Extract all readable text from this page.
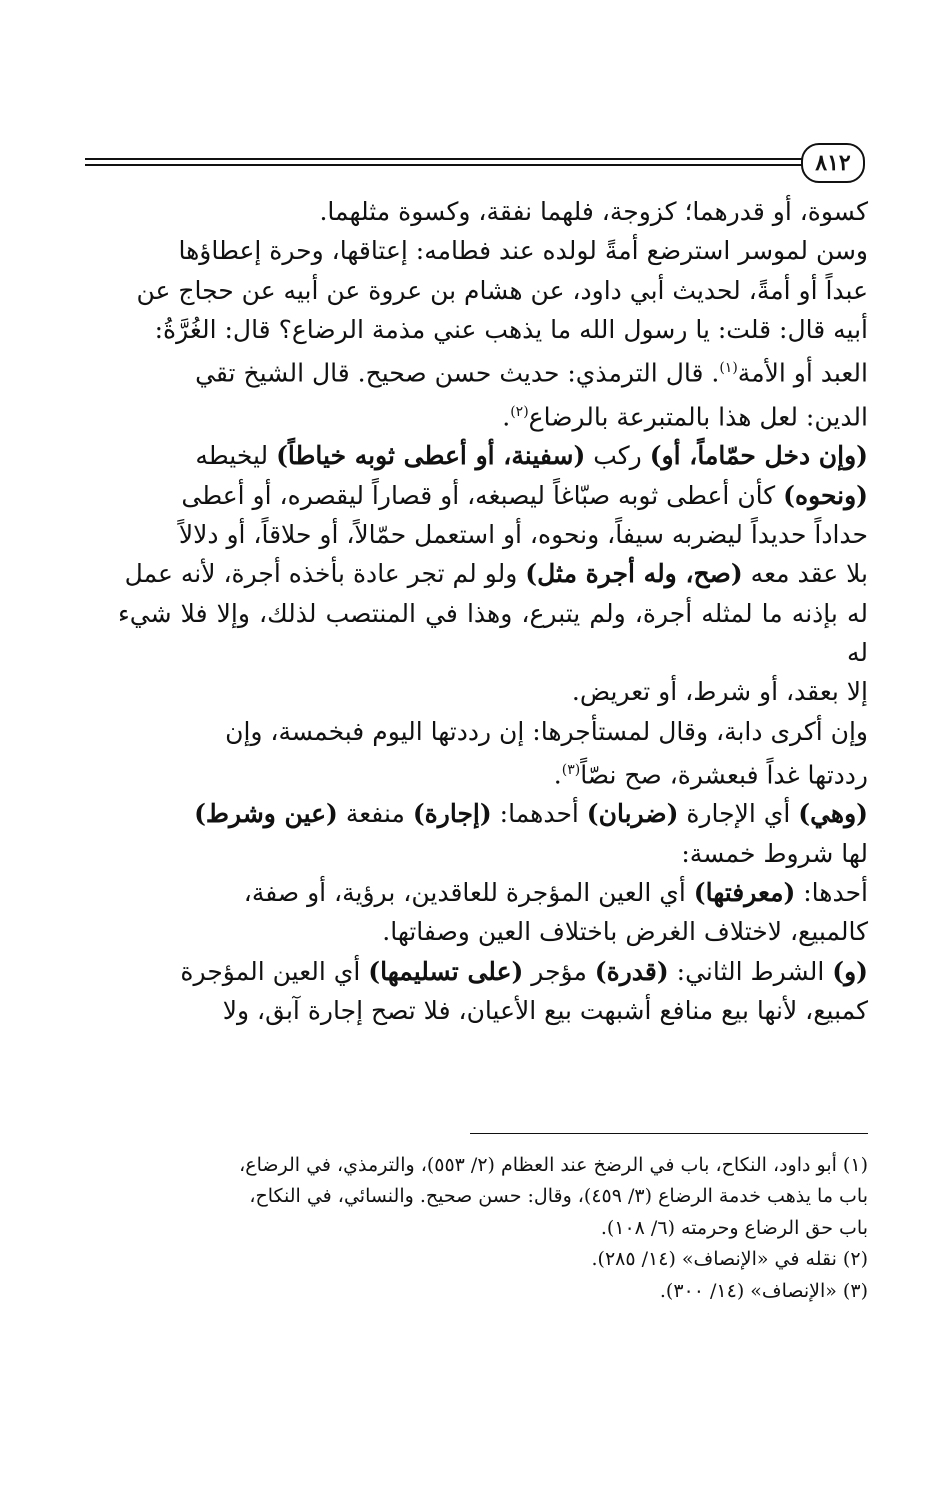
٨١٢

كسوة، أو قدرهما؛ كزوجة، فلهما نفقة، وكسوة مثلهما.

وسن لموسر استرضع أمةً لولده عند فطامه: إعتاقها، وحرة إعطاؤها

عبداً أو أمةً، لحديث أبي داود، عن هشام بن عروة عن أبيه عن حجاج عن

أبيه قال: قلت: يا رسول الله ما يذهب عني مذمة الرضاع؟ قال: الغُرَّةُ:

العبد أو الأمة$^{(١)}$. قال الترمذي: حديث حسن صحيح. قال الشيخ تقي

الدين: لعل هذا بالمتبرعة بالرضاع$^{(٢)}$.

(وإن دخل حمّاماً، أو) ركب (سفينة، أو أعطى ثوبه خياطاً) ليخيطه

(ونحوه) كأن أعطى ثوبه صبّاغاً ليصبغه، أو قصاراً ليقصره، أو أعطى

حداداً حديداً ليضربه سيفاً، ونحوه، أو استعمل حمّالاً، أو حلاقاً، أو دلالاً

بلا عقد معه (صح، وله أجرة مثل) ولو لم تجر عادة بأخذه أجرة، لأنه عمل

له بإذنه ما لمثله أجرة، ولم يتبرع، وهذا في المنتصب لذلك، وإلا فلا شيء له

إلا بعقد، أو شرط، أو تعريض.

وإن أكرى دابة، وقال لمستأجرها: إن رددتها اليوم فبخمسة، وإن

رددتها غداً فبعشرة، صح نصّاً$^{(٣)}$.

(وهي) أي الإجارة (ضربان) أحدهما: (إجارة) منفعة (عين وشرط)

لها شروط خمسة:

أحدها: (معرفتها) أي العين المؤجرة للعاقدين، برؤية، أو صفة،

كالمبيع، لاختلاف الغرض باختلاف العين وصفاتها.

(و) الشرط الثاني: (قدرة) مؤجر (على تسليمها) أي العين المؤجرة

كمبيع، لأنها بيع منافع أشبهت بيع الأعيان، فلا تصح إجارة آبق، ولا

(١) أبو داود، النكاح، باب في الرضخ عند العظام (٢/ ٥٥٣)، والترمذي، في الرضاع،

باب ما يذهب خدمة الرضاع (٣/ ٤٥٩)، وقال: حسن صحيح. والنسائي، في النكاح،

باب حق الرضاع وحرمته (٦/ ١٠٨).

(٢) نقله في «الإنصاف» (١٤/ ٢٨٥).

(٣) «الإنصاف» (١٤/ ٣٠٠).
